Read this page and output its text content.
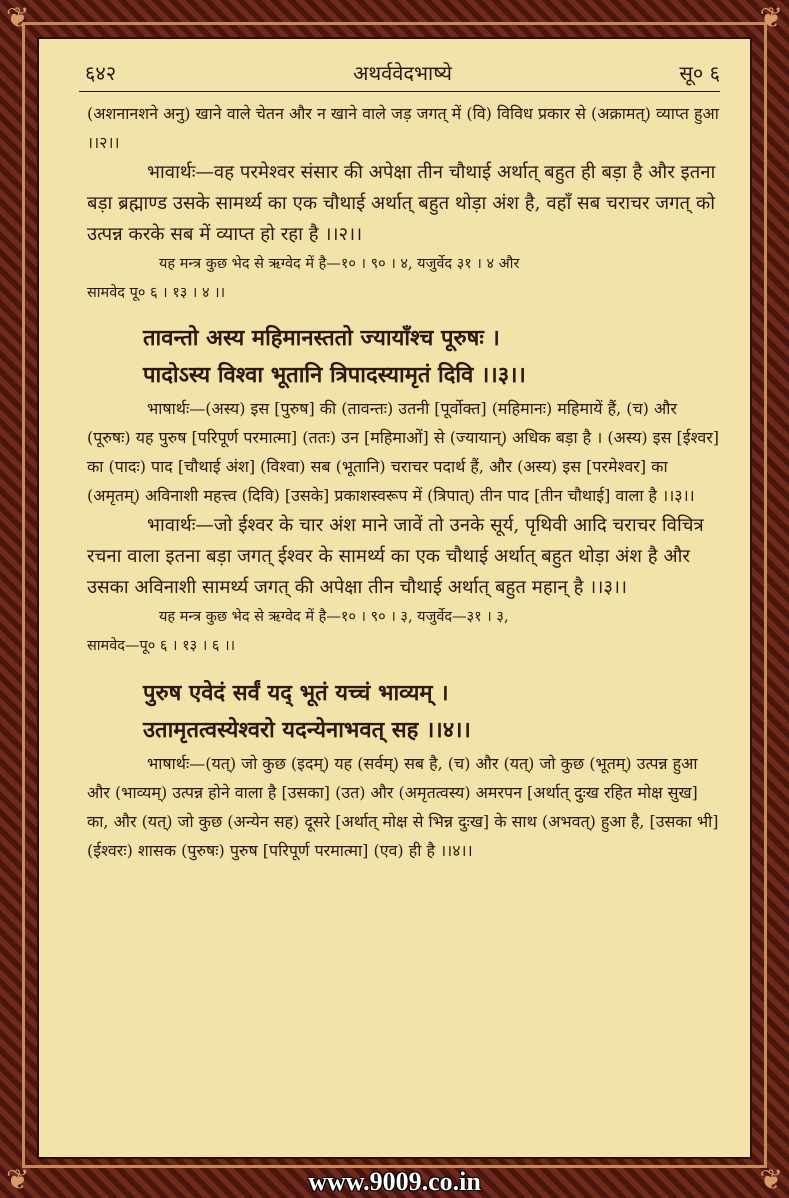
❦	❦
❦	❦
६४२	अथर्ववेदभाष्ये	सू० ६

(अशनानशने अनु) खाने वाले चेतन और न खाने वाले जड़ जगत् में (वि) विविध प्रकार से (अक्रामत्) व्याप्त हुआ ।।२।।

भावार्थः—वह परमेश्वर संसार की अपेक्षा तीन चौथाई अर्थात् बहुत ही बड़ा है और इतना बड़ा ब्रह्माण्ड उसके सामर्थ्य का एक चौथाई अर्थात् बहुत थोड़ा अंश है, वहाँ सब चराचर जगत् को उत्पन्न करके सब में व्याप्त हो रहा है ।।२।।

यह मन्त्र कुछ भेद से ऋग्वेद में है—१० । ९० । ४, यजुर्वेद ३१ । ४ और

सामवेद पू० ६ । १३ । ४ ।।

तावन्तो अस्य महिमानस्ततो ज्यायाँश्च पूरुषः ।

पादोऽस्य विश्वा भूतानि त्रिपादस्यामृतं दिवि ।।३।।

भाषार्थः—(अस्य) इस [पुरुष] की (तावन्तः) उतनी [पूर्वोक्त] (महिमानः) महिमायें हैं, (च) और (पूरुषः) यह पुरुष [परिपूर्ण परमात्मा] (ततः) उन [महिमाओं] से (ज्यायान्) अधिक बड़ा है । (अस्य) इस [ईश्वर] का (पादः) पाद [चौथाई अंश] (विश्वा) सब (भूतानि) चराचर पदार्थ हैं, और (अस्य) इस [परमेश्वर] का (अमृतम्) अविनाशी महत्त्व (दिवि) [उसके] प्रकाशस्वरूप में (त्रिपात्) तीन पाद [तीन चौथाई] वाला है ।।३।।

भावार्थः—जो ईश्वर के चार अंश माने जावें तो उनके सूर्य, पृथिवी आदि चराचर विचित्र रचना वाला इतना बड़ा जगत् ईश्वर के सामर्थ्य का एक चौथाई अर्थात् बहुत थोड़ा अंश है और उसका अविनाशी सामर्थ्य जगत् की अपेक्षा तीन चौथाई अर्थात् बहुत महान् है ।।३।।

यह मन्त्र कुछ भेद से ऋग्वेद में है—१० । ९० । ३, यजुर्वेद—३१ । ३,

सामवेद—पू० ६ । १३ । ६ ।।

पुरुष एवेदं सर्वं यद् भूतं यच्चं भाव्यम् ।

उतामृतत्वस्येश्वरो यदन्येनाभवत् सह ।।४।।

भाषार्थः—(यत्) जो कुछ (इदम्) यह (सर्वम्) सब है, (च) और (यत्) जो कुछ (भूतम्) उत्पन्न हुआ और (भाव्यम्) उत्पन्न होने वाला है [उसका] (उत) और (अमृतत्वस्य) अमरपन [अर्थात् दुःख रहित मोक्ष सुख] का, और (यत्) जो कुछ (अन्येन सह) दूसरे [अर्थात् मोक्ष से भिन्न दुःख] के साथ (अभवत्) हुआ है, [उसका भी] (ईश्वरः) शासक (पुरुषः) पुरुष [परिपूर्ण परमात्मा] (एव) ही है ।।४।।

www.9009.co.in
